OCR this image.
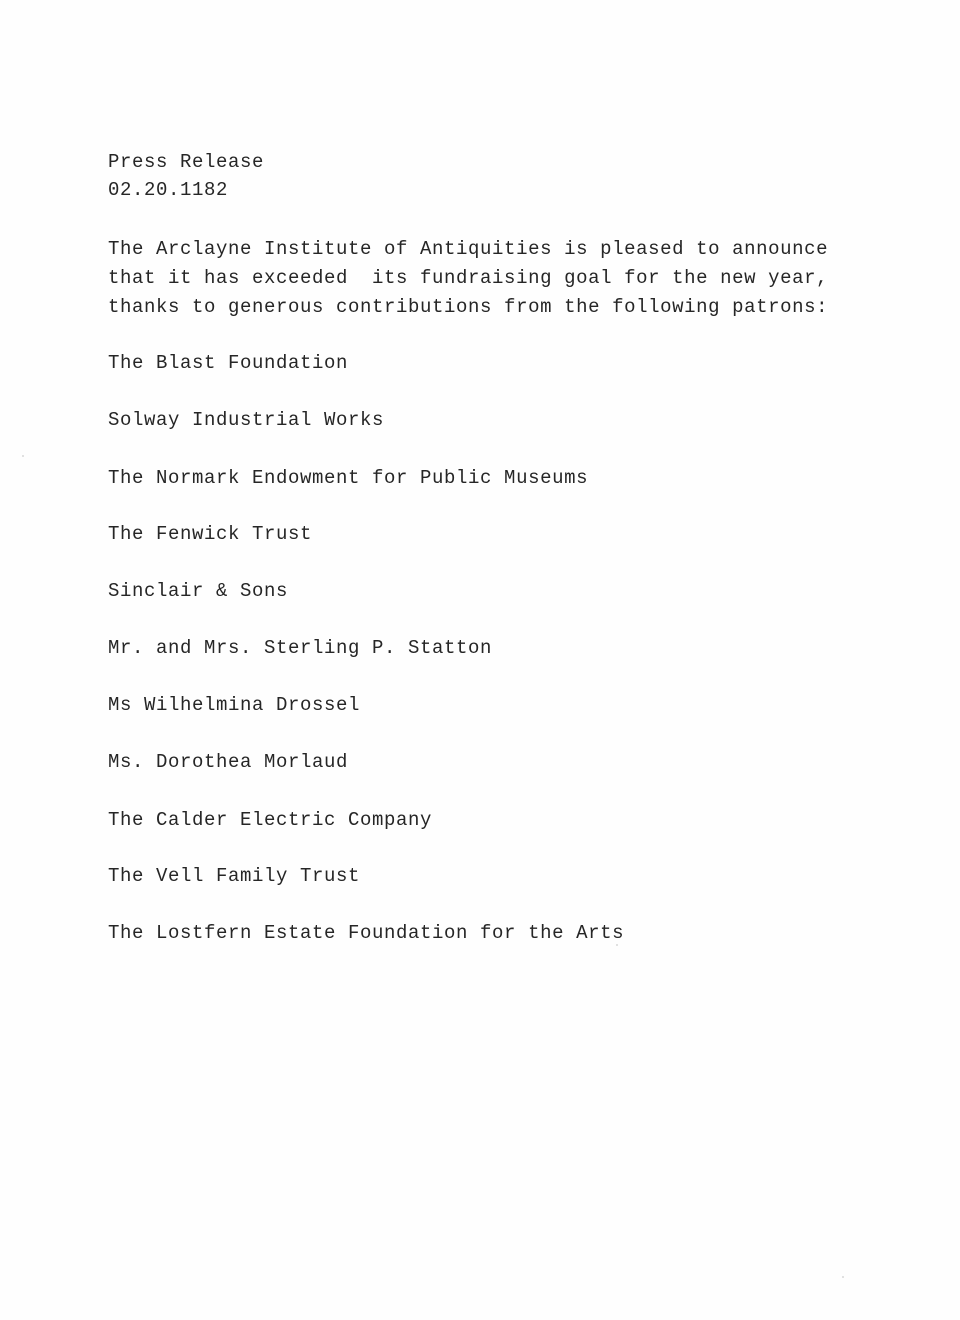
Press Release
02.20.1182
The Arclayne Institute of Antiquities is pleased to announce
that it has exceeded  its fundraising goal for the new year,
thanks to generous contributions from the following patrons:
The Blast Foundation
Solway Industrial Works
The Normark Endowment for Public Museums
The Fenwick Trust
Sinclair & Sons
Mr. and Mrs. Sterling P. Statton
Ms Wilhelmina Drossel
Ms. Dorothea Morlaud
The Calder Electric Company
The Vell Family Trust
The Lostfern Estate Foundation for the Arts
